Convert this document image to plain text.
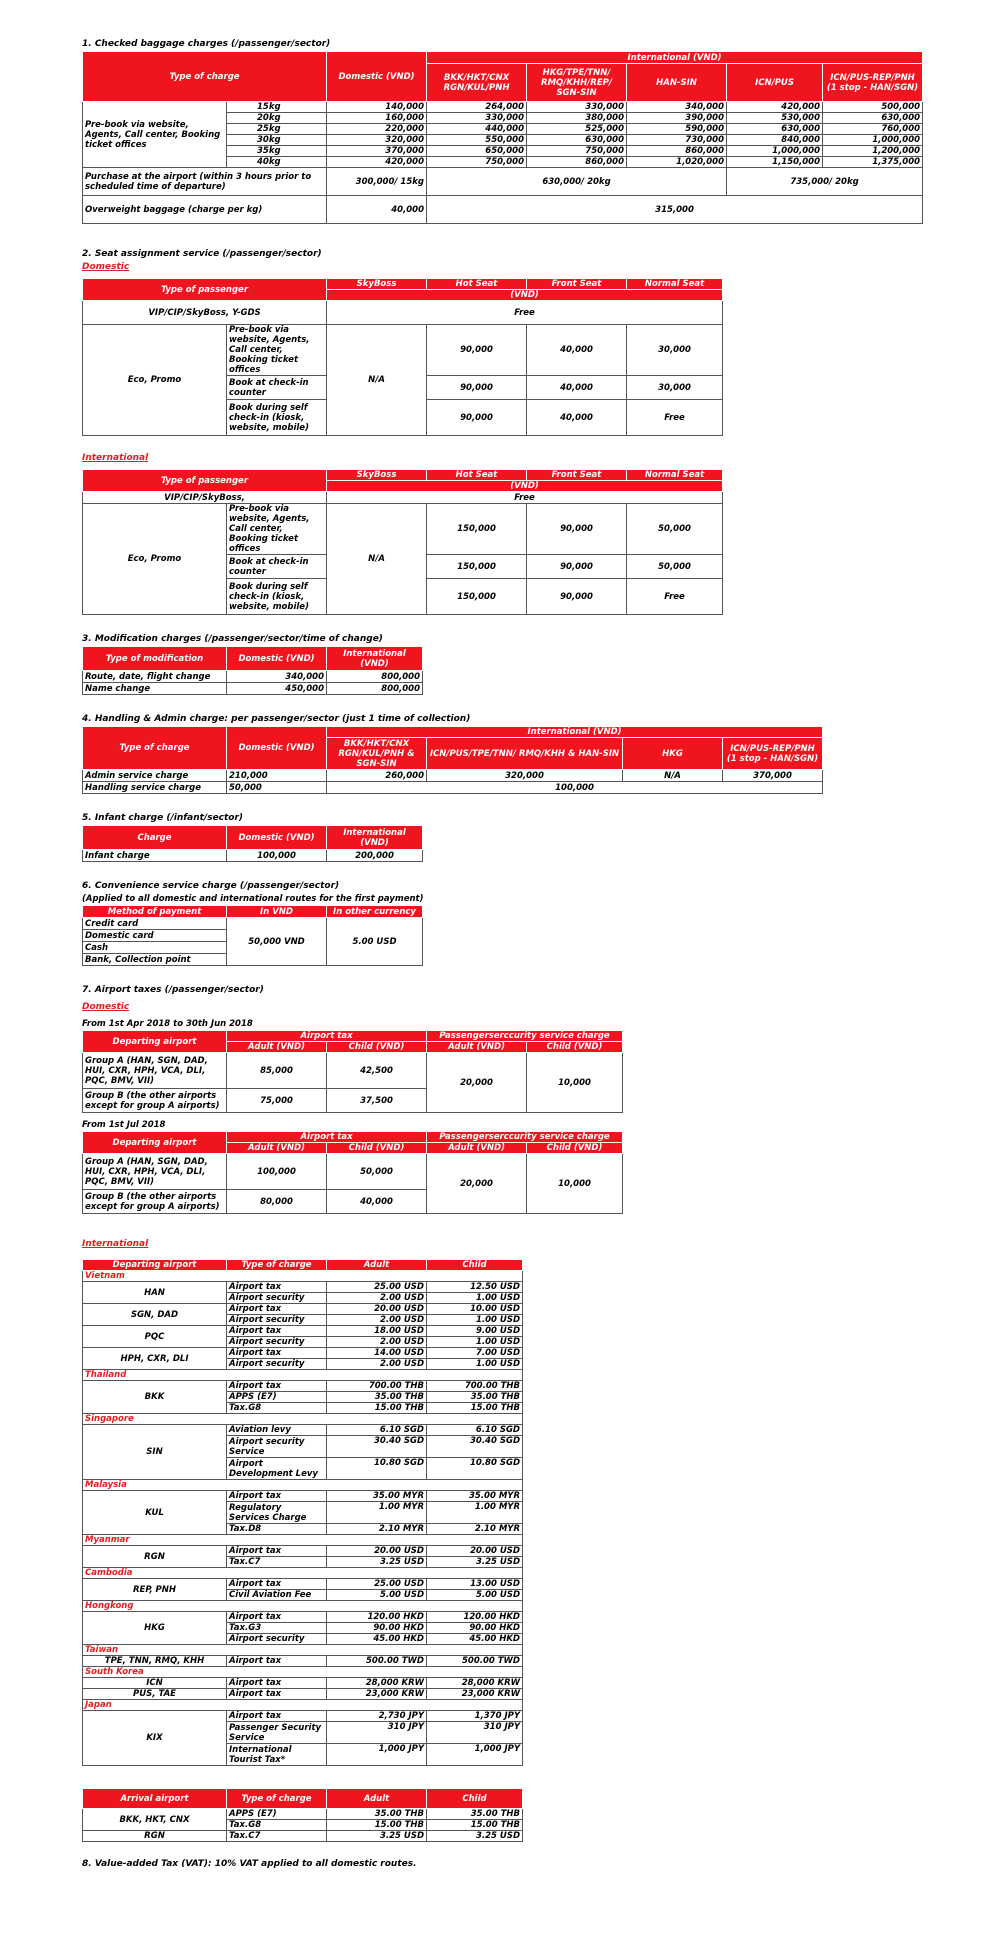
1. Checked baggage charges (/passenger/sector)
Type of charge		Domestic (VND)	International (VND)				
			BKK/HKT/CNX RGN/KUL/PNH	HKG/TPE/TNN/ RMQ/KHH/REP/ SGN-SIN	HAN-SIN	ICN/PUS	ICN/PUS-REP/PNH (1 stop - HAN/SGN)
Pre-book via website, Agents, Call center, Booking ticket offices	15kg	140,000	264,000	330,000	340,000	420,000	500,000
	20kg	160,000	330,000	380,000	390,000	530,000	630,000
	25kg	220,000	440,000	525,000	590,000	630,000	760,000
	30kg	320,000	550,000	630,000	730,000	840,000	1,000,000
	35kg	370,000	650,000	750,000	860,000	1,000,000	1,200,000
	40kg	420,000	750,000	860,000	1,020,000	1,150,000	1,375,000
Purchase at the airport (within 3 hours prior to scheduled time of departure)		300,000/ 15kg	630,000/ 20kg			735,000/ 20kg	
Overweight baggage (charge per kg)		40,000	315,000				
2. Seat assignment service (/passenger/sector)
Domestic
Type of passenger		SkyBoss	Hot Seat	Front Seat	Normal Seat
		(VND)			
VIP/CIP/SkyBoss, Y-GDS		Free			
Eco, Promo	Pre-book via website, Agents, Call center, Booking ticket offices	N/A	90,000	40,000	30,000
	Book at check-in counter		90,000	40,000	30,000
	Book during self check-in (kiosk, website, mobile)		90,000	40,000	Free
International
Type of passenger		SkyBoss	Hot Seat	Front Seat	Normal Seat
		(VND)			
VIP/CIP/SkyBoss,		Free			
Eco, Promo	Pre-book via website, Agents, Call center, Booking ticket offices	N/A	150,000	90,000	50,000
	Book at check-in counter		150,000	90,000	50,000
	Book during self check-in (kiosk, website, mobile)		150,000	90,000	Free
3. Modification charges (/passenger/sector/time of change)
Type of modification	Domestic (VND)	International (VND)
Route, date, flight change	340,000	800,000
Name change	450,000	800,000
4. Handling & Admin charge: per passenger/sector (just 1 time of collection)
Type of charge	Domestic (VND)	International (VND)			
		BKK/HKT/CNX RGN/KUL/PNH & SGN-SIN	ICN/PUS/TPE/TNN/ RMQ/KHH & HAN-SIN	HKG	ICN/PUS-REP/PNH (1 stop - HAN/SGN)
Admin service charge	210,000	260,000	320,000	N/A	370,000
Handling service charge	50,000	100,000			
5. Infant charge (/infant/sector)
Charge	Domestic (VND)	International (VND)
Infant charge	100,000	200,000
6. Convenience service charge (/passenger/sector)
(Applied to all domestic and international routes for the first payment)
Method of payment	In VND	In other currency
Credit card	50,000 VND	5.00 USD
Domestic card		
Cash		
Bank, Collection point		
7. Airport taxes (/passenger/sector)
Domestic
From 1st Apr 2018 to 30th Jun 2018
Departing airport	Airport tax		Passengerserccurity service charge	
	Adult (VND)	Child (VND)	Adult (VND)	Child (VND)
Group A (HAN, SGN, DAD, HUI, CXR, HPH, VCA, DLI, PQC, BMV, VII)	85,000	42,500	20,000	10,000
Group B (the other airports except for group A airports)	75,000	37,500		
From 1st Jul 2018
Departing airport	Airport tax		Passengerserccurity service charge	
	Adult (VND)	Child (VND)	Adult (VND)	Child (VND)
Group A (HAN, SGN, DAD, HUI, CXR, HPH, VCA, DLI, PQC, BMV, VII)	100,000	50,000	20,000	10,000
Group B (the other airports except for group A airports)	80,000	40,000		
International
Departing airport	Type of charge	Adult	Child
Vietnam			
HAN	Airport tax	25.00 USD	12.50 USD
	Airport security	2.00 USD	1.00 USD
SGN, DAD	Airport tax	20.00 USD	10.00 USD
	Airport security	2.00 USD	1.00 USD
PQC	Airport tax	18.00 USD	9.00 USD
	Airport security	2.00 USD	1.00 USD
HPH, CXR, DLI	Airport tax	14.00 USD	7.00 USD
	Airport security	2.00 USD	1.00 USD
Thailand			
BKK	Airport tax	700.00 THB	700.00 THB
	APPS (E7)	35.00 THB	35.00 THB
	Tax.G8	15.00 THB	15.00 THB
Singapore			
SIN	Aviation levy	6.10 SGD	6.10 SGD
	Airport security Service	30.40 SGD	30.40 SGD
	Airport Development Levy	10.80 SGD	10.80 SGD
Malaysia			
KUL	Airport tax	35.00 MYR	35.00 MYR
	Regulatory Services Charge	1.00 MYR	1.00 MYR
	Tax.D8	2.10 MYR	2.10 MYR
Myanmar			
RGN	Airport tax	20.00 USD	20.00 USD
	Tax.C7	3.25 USD	3.25 USD
Cambodia			
REP, PNH	Airport tax	25.00 USD	13.00 USD
	Civil Aviation Fee	5.00 USD	5.00 USD
Hongkong			
HKG	Airport tax	120.00 HKD	120.00 HKD
	Tax.G3	90.00 HKD	90.00 HKD
	Airport security	45.00 HKD	45.00 HKD
Taiwan			
TPE, TNN, RMQ, KHH	Airport tax	500.00 TWD	500.00 TWD
South Korea			
ICN	Airport tax	28,000 KRW	28,000 KRW
PUS, TAE	Airport tax	23,000 KRW	23,000 KRW
Japan			
KIX	Airport tax	2,730 JPY	1,370 JPY
	Passenger Security Service	310 JPY	310 JPY
	International Tourist Tax*	1,000 JPY	1,000 JPY
Arrival airport	Type of charge	Adult	Child
BKK, HKT, CNX	APPS (E7)	35.00 THB	35.00 THB
	Tax.G8	15.00 THB	15.00 THB
RGN	Tax.C7	3.25 USD	3.25 USD
8. Value-added Tax (VAT): 10% VAT applied to all domestic routes.
